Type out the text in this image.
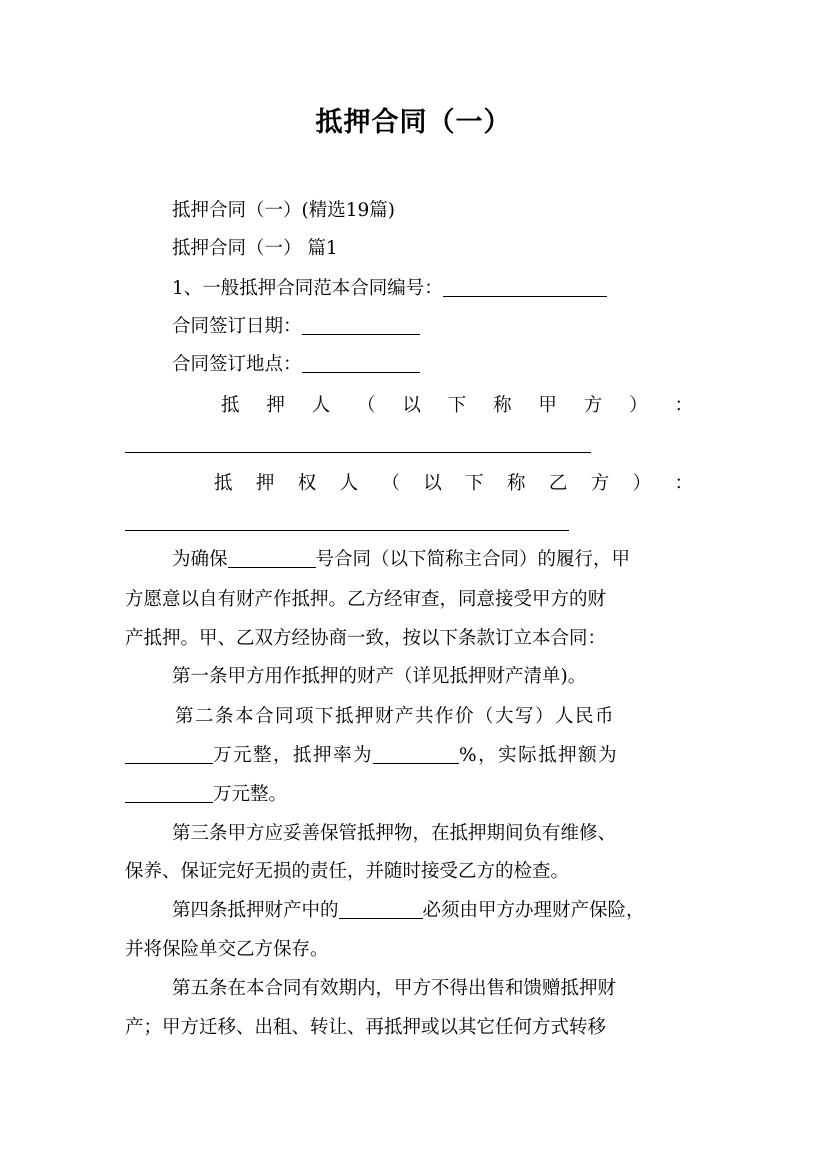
抵押合同（一）
抵押合同（一）(精选19篇)
抵押合同（一） 篇1
1、一般抵押合同范本合同编号：
合同签订日期：
合同签订地点：
抵 押 人 （ 以 下 称 甲 方 ） ：
抵 押 权 人 （ 以 下 称 乙 方 ） ：
为确保	号合同（以下简称主合同）的履行，甲
方愿意以自有财产作抵押。乙方经审查，同意接受甲方的财
产抵押。甲、乙双方经协商一致，按以下条款订立本合同：
第一条甲方用作抵押的财产（详见抵押财产清单)。
第二条本合同项下抵押财产共作价（大写）人民币
万元整，抵押率为	%，实际抵押额为
万元整。
第三条甲方应妥善保管抵押物，在抵押期间负有维修、
保养、保证完好无损的责任，并随时接受乙方的检查。
第四条抵押财产中的	必须由甲方办理财产保险，
并将保险单交乙方保存。
第五条在本合同有效期内，甲方不得出售和馈赠抵押财
产；甲方迁移、出租、转让、再抵押或以其它任何方式转移
